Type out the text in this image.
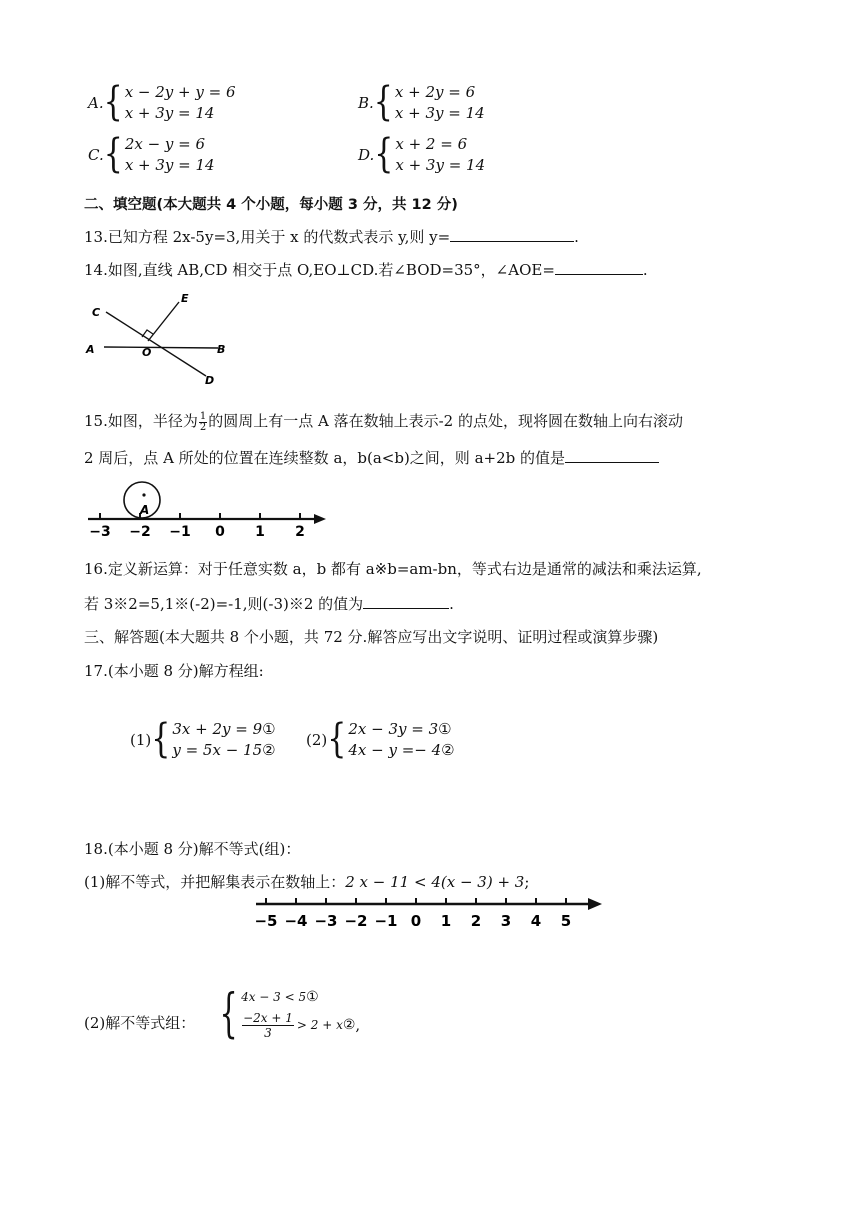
A. { x − 2y + y = 6
x + 3y = 14
B. { x + 2y = 6
x + 3y = 14
C. { 2x − y = 6
x + 3y = 14
D. { x + 2 = 6
x + 3y = 14
二、填空题(本大题共 4 个小题，每小题 3 分，共 12 分)
13.已知方程 2x-5y=3,用关于 x 的代数式表示 y,则 y=	.
14.如图,直线 AB,CD 相交于点 O,EO⊥CD.若∠BOD=35°，∠AOE=	.
C
E
A	O	B
D
15.如图，半径为 $\frac{1}{2}$ 的圆周上有一点 A 落在数轴上表示-2 的点处，现将圆在数轴上向右滚动
2 周后，点 A 所处的位置在连续整数 a，b(a<b)之间，则 a+2b 的值是
−3 −2 −1 0 1 2
A
16.定义新运算：对于任意实数 a，b 都有 a※b=am-bn，等式右边是通常的减法和乘法运算,
若 3※2=5,1※(-2)=-1,则(-3)※2 的值为	.
三、解答题(本大题共 8 个小题，共 72 分.解答应写出文字说明、证明过程或演算步骤)
17.(本小题 8 分)解方程组:
(1) { 3x + 2y = 9①
y = 5x − 15②
(2) { 2x − 3y = 3①
4x − y =− 4②
18.(本小题 8 分)解不等式(组)：
(1)解不等式，并把解集表示在数轴上：2 x − 11 < 4(x − 3) + 3;
−5 −4 −3 −2 −1 0 1 2 3 4 5
(2)解不等式组： { 4x − 3 < 5①
$\frac{-2x + 1}{3} > 2 + x$ ② ,
